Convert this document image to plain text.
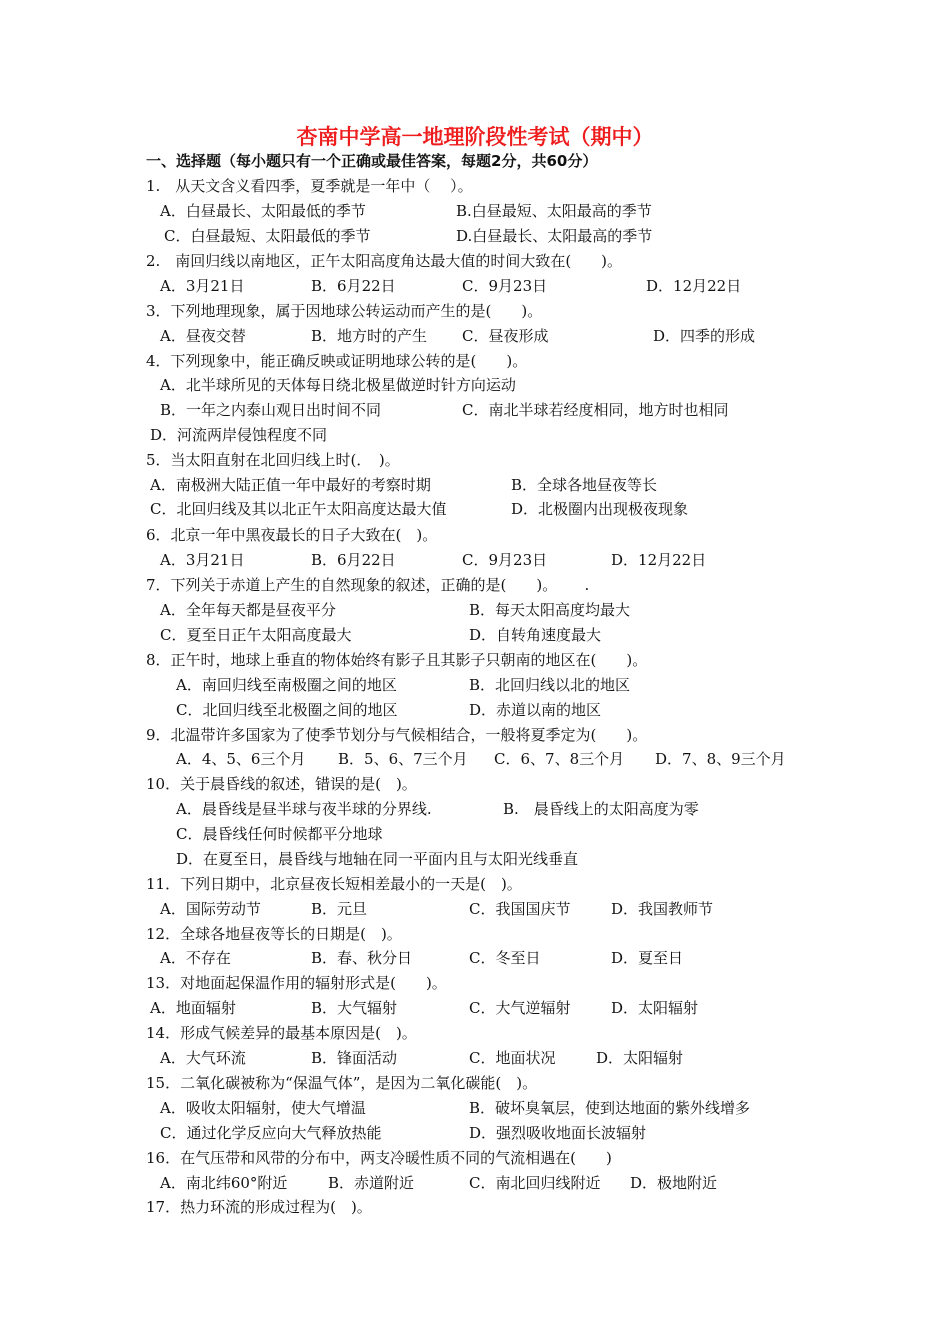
杏南中学高一地理阶段性考试（期中）
一、选择题（每小题只有一个正确或最佳答案，每题2分，共60分）
1.　从天文含义看四季，夏季就是一年中（　 ）。
A．白昼最长、太阳最低的季节	B.白昼最短、太阳最高的季节
C．白昼最短、太阳最低的季节	D.白昼最长、太阳最高的季节
2.　南回归线以南地区，正午太阳高度角达最大值的时间大致在(　　)。
A．3月21日	B．6月22日	C．9月23日	D．12月22日
3．下列地理现象，属于因地球公转运动而产生的是(　　)。
A．昼夜交替	B．地方时的产生 C．昼夜形成	D．四季的形成
4．下列现象中，能正确反映或证明地球公转的是(　　)。
A．北半球所见的天体每日绕北极星做逆时针方向运动
B．一年之内泰山观日出时间不同	C．南北半球若经度相同，地方时也相同
D．河流两岸侵蚀程度不同
5．当太阳直射在北回归线上时(．　)。
A．南极洲大陆正值一年中最好的考察时期	B．全球各地昼夜等长
C．北回归线及其以北正午太阳高度达最大值	D．北极圈内出现极夜现象
6．北京一年中黑夜最长的日子大致在(　)。
A．3月21日	B．6月22日	C．9月23日	D．12月22日
7．下列关于赤道上产生的自然现象的叙述，正确的是(　　)。　　 .
A．全年每天都是昼夜平分	B．每天太阳高度均最大
C．夏至日正午太阳高度最大	D．自转角速度最大
8．正午时，地球上垂直的物体始终有影子且其影子只朝南的地区在(　　)。
A．南回归线至南极圈之间的地区	B．北回归线以北的地区
C．北回归线至北极圈之间的地区	D．赤道以南的地区
9．北温带许多国家为了使季节划分与气候相结合，一般将夏季定为(　　)。
A．4、5、6三个月 B．5、6、7三个月 C．6、7、8三个月 D．7、8、9三个月
10．关于晨昏线的叙述，错误的是(　)。
A．晨昏线是昼半球与夜半球的分界线.	B.　晨昏线上的太阳高度为零
C．晨昏线任何时候都平分地球
D．在夏至日，晨昏线与地轴在同一平面内且与太阳光线垂直
11．下列日期中，北京昼夜长短相差最小的一天是(　)。
A．国际劳动节	B．元旦	C．我国国庆节	D．我国教师节
12．全球各地昼夜等长的日期是(　)。
A．不存在	B．春、秋分日	C．冬至日	D．夏至日
13．对地面起保温作用的辐射形式是(　　)。
A．地面辐射	B．大气辐射	C．大气逆辐射	D．太阳辐射
14．形成气候差异的最基本原因是(　)。
A．大气环流	B．锋面活动	C．地面状况	D．太阳辐射
15．二氧化碳被称为“保温气体”，是因为二氧化碳能(　)。
A．吸收太阳辐射，使大气增温	B．破坏臭氧层，使到达地面的紫外线增多
C．通过化学反应向大气释放热能	D．强烈吸收地面长波辐射
16．在气压带和风带的分布中，两支冷暖性质不同的气流相遇在(　　)
A．南北纬60°附近	B．赤道附近	C．南北回归线附近 D．极地附近
17．热力环流的形成过程为(　)。
